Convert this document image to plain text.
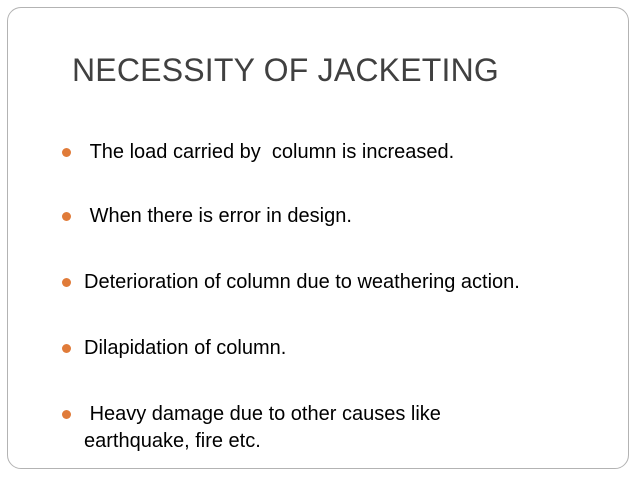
NECESSITY OF JACKETING
The load carried by  column is increased.
When there is error in design.
Deterioration of column due to weathering action.
Dilapidation of column.
Heavy damage due to other causes like earthquake, fire etc.
